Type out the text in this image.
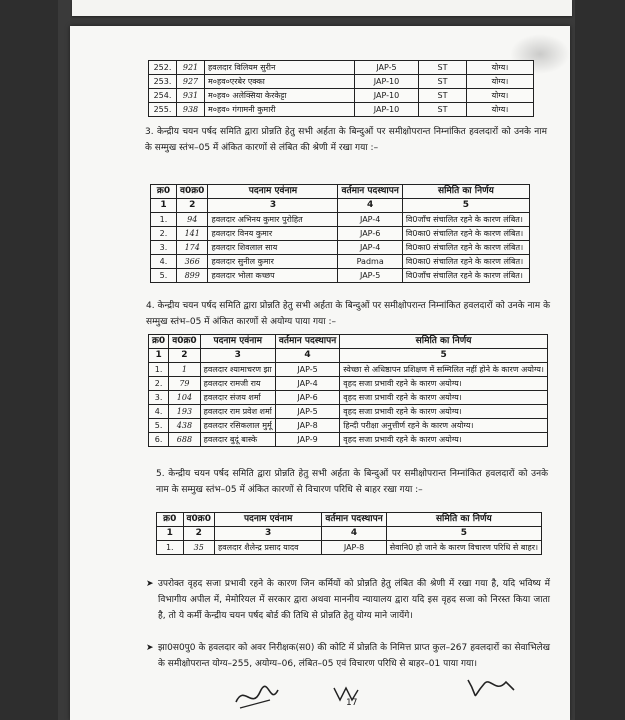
252.	921	हवलदार विलियम सुरीन	JAP-5	ST	योग्य।
253.	927	म०हव०एरबेर एक्का	JAP-10	ST	योग्य।
254.	931	म०हव० अलेक्सिया केरकेट्टा	JAP-10	ST	योग्य।
255.	938	म०हव० गंगामनी कुमारी	JAP-10	ST	योग्य।
3. केन्द्रीय चयन पर्षद समिति द्वारा प्रोन्नति हेतु सभी अर्हता के बिन्दुओं पर समीक्षोपरान्त निम्नांकित हवलदारों को उनके नाम के सम्मुख स्तंभ–05 में अंकित कारणों से लंबित की श्रेणी में रखा गया :–
क्र0	व0क्र0	पदनाम एवंनाम	वर्तमान पदस्थापन	समिति का निर्णय
1	2	3	4	5
1.	94	हवलदार अभिनय कुमार पुरोहित	JAP-4	वि0जाँच संचालित रहने के कारण लंबित।
2.	141	हवलदार विनय कुमार	JAP-6	वि0का0 संचालित रहने के कारण लंबित।
3.	174	हवलदार शिवलाल साय	JAP-4	वि0का0 संचालित रहने के कारण लंबित।
4.	366	हवलदार सुनील कुमार	Padma	वि0का0 संचालित रहने के कारण लंबित।
5.	899	हवलदार भोला कच्छप	JAP-5	वि0जाँच संचालित रहने के कारण लंबित।
4. केन्द्रीय चयन पर्षद समिति द्वारा प्रोन्नति हेतु सभी अर्हता के बिन्दुओं पर समीक्षोपरान्त निम्नांकित हवलदारों को उनके नाम के सम्मुख स्तंभ–05 में अंकित कारणों से अयोग्य पाया गया :–
क्र0	व0क्र0	पदनाम एवंनाम	वर्तमान पदस्थापन	समिति का निर्णय
1	2	3	4	5
1.	1	हवलदार श्यामाचरण झा	JAP-5	स्वेच्छा से अधिष्ठापन प्रशिक्षण में सम्मिलित नहीं होने के कारण अयोग्य।
2.	79	हवलदार रामजी राय	JAP-4	वृहद सजा प्रभावी रहने के कारण अयोग्य।
3.	104	हवलदार संजय शर्मा	JAP-6	वृहद सजा प्रभावी रहने के कारण अयोग्य।
4.	193	हवलदार राम प्रवेश शर्मा	JAP-5	वृहद सजा प्रभावी रहने के कारण अयोग्य।
5.	438	हवलदार रसिकलाल मुर्मू	JAP-8	हिन्दी परीक्षा अनुत्तीर्ण रहने के कारण अयोग्य।
6.	688	हवलदार बुदूं बास्के	JAP-9	वृहद सजा प्रभावी रहने के कारण अयोग्य।
5. केन्द्रीय चयन पर्षद समिति द्वारा प्रोन्नति हेतु सभी अर्हता के बिन्दुओं पर समीक्षोपरान्त निम्नांकित हवलदारों को उनके नाम के सम्मुख स्तंभ–05 में अंकित कारणों से विचारण परिधि से बाहर रखा गया :–
क्र0	व0क्र0	पदनाम एवंनाम	वर्तमान पदस्थापन	समिति का निर्णय
1	2	3	4	5
1.	35	हवलदार शैलेन्द्र प्रसाद यादव	JAP-8	सेवानि0 हो जाने के कारण विचारण परिधि से बाहर।
➤ उपरोक्त वृहद सजा प्रभावी रहने के कारण जिन कर्मियों को प्रोन्नति हेतु लंबित की श्रेणी में रखा गया है, यदि भविष्य में विभागीय अपील में, मेमोरियल में सरकार द्वारा अथवा माननीय न्यायालय द्वारा यदि इस वृहद सजा को निरस्त किया जाता है, तो ये कर्मी केन्द्रीय चयन पर्षद बोर्ड की तिथि से प्रोन्नति हेतु योग्य माने जायेंगे।
➤ झा0स0पु0 के हवलदार को अवर निरीक्षक(स0) की कोटि में प्रोन्नति के निमित्त प्राप्त कुल–267 हवलदारों का सेवाभिलेख के समीक्षोपरान्त योग्य–255, अयोग्य–06, लंबित–05 एवं विचारण परिधि से बाहर–01 पाया गया।
17
